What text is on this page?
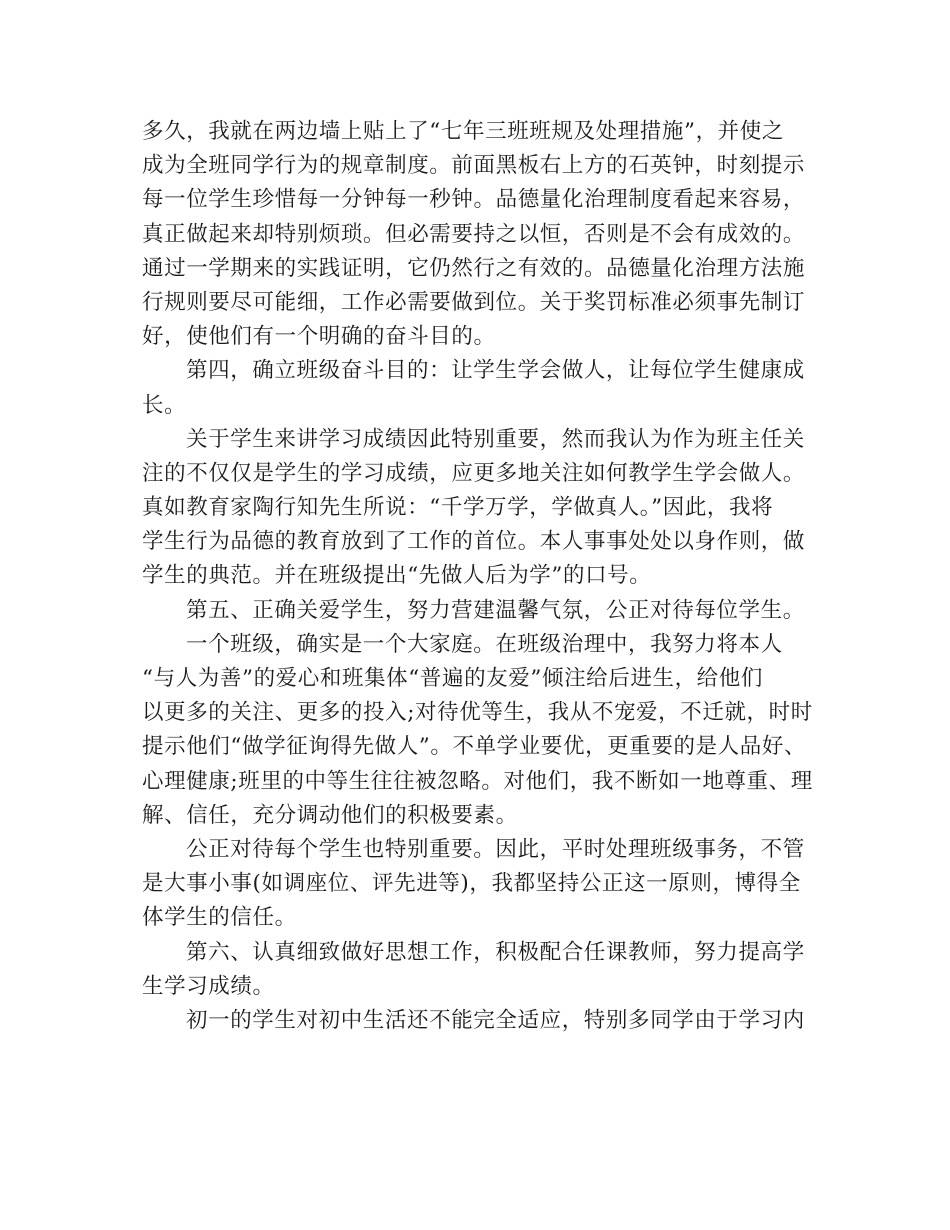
多久，我就在两边墙上贴上了“七年三班班规及处理措施”，并使之
成为全班同学行为的规章制度。前面黑板右上方的石英钟，时刻提示
每一位学生珍惜每一分钟每一秒钟。品德量化治理制度看起来容易，
真正做起来却特别烦琐。但必需要持之以恒，否则是不会有成效的。
通过一学期来的实践证明，它仍然行之有效的。品德量化治理方法施
行规则要尽可能细，工作必需要做到位。关于奖罚标准必须事先制订
好，使他们有一个明确的奋斗目的。
第四，确立班级奋斗目的：让学生学会做人，让每位学生健康成
长。
关于学生来讲学习成绩因此特别重要，然而我认为作为班主任关
注的不仅仅是学生的学习成绩，应更多地关注如何教学生学会做人。
真如教育家陶行知先生所说：“千学万学，学做真人。”因此，我将
学生行为品德的教育放到了工作的首位。本人事事处处以身作则，做
学生的典范。并在班级提出“先做人后为学”的口号。
第五、正确关爱学生，努力营建温馨气氛，公正对待每位学生。
一个班级，确实是一个大家庭。在班级治理中，我努力将本人
“与人为善”的爱心和班集体“普遍的友爱”倾注给后进生，给他们
以更多的关注、更多的投入;对待优等生，我从不宠爱，不迁就，时时
提示他们“做学征询得先做人”。不单学业要优，更重要的是人品好、
心理健康;班里的中等生往往被忽略。对他们，我不断如一地尊重、理
解、信任，充分调动他们的积极要素。
公正对待每个学生也特别重要。因此，平时处理班级事务，不管
是大事小事(如调座位、评先进等)，我都坚持公正这一原则，博得全
体学生的信任。
第六、认真细致做好思想工作，积极配合任课教师，努力提高学
生学习成绩。
初一的学生对初中生活还不能完全适应，特别多同学由于学习内
